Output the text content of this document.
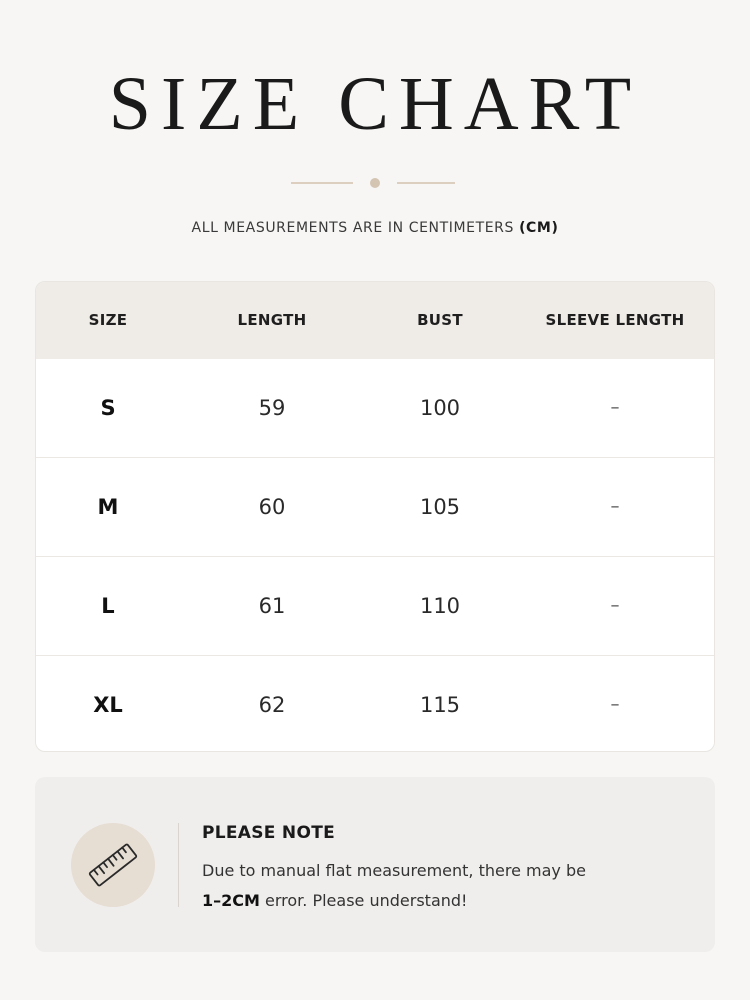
SIZE CHART
ALL MEASUREMENTS ARE IN CENTIMETERS (CM)
SIZE	LENGTH	BUST	SLEEVE LENGTH
S	59	100	–
M	60	105	–
L	61	110	–
XL	62	115	–
PLEASE NOTE
Due to manual flat measurement, there may be
1–2CM error. Please understand!
